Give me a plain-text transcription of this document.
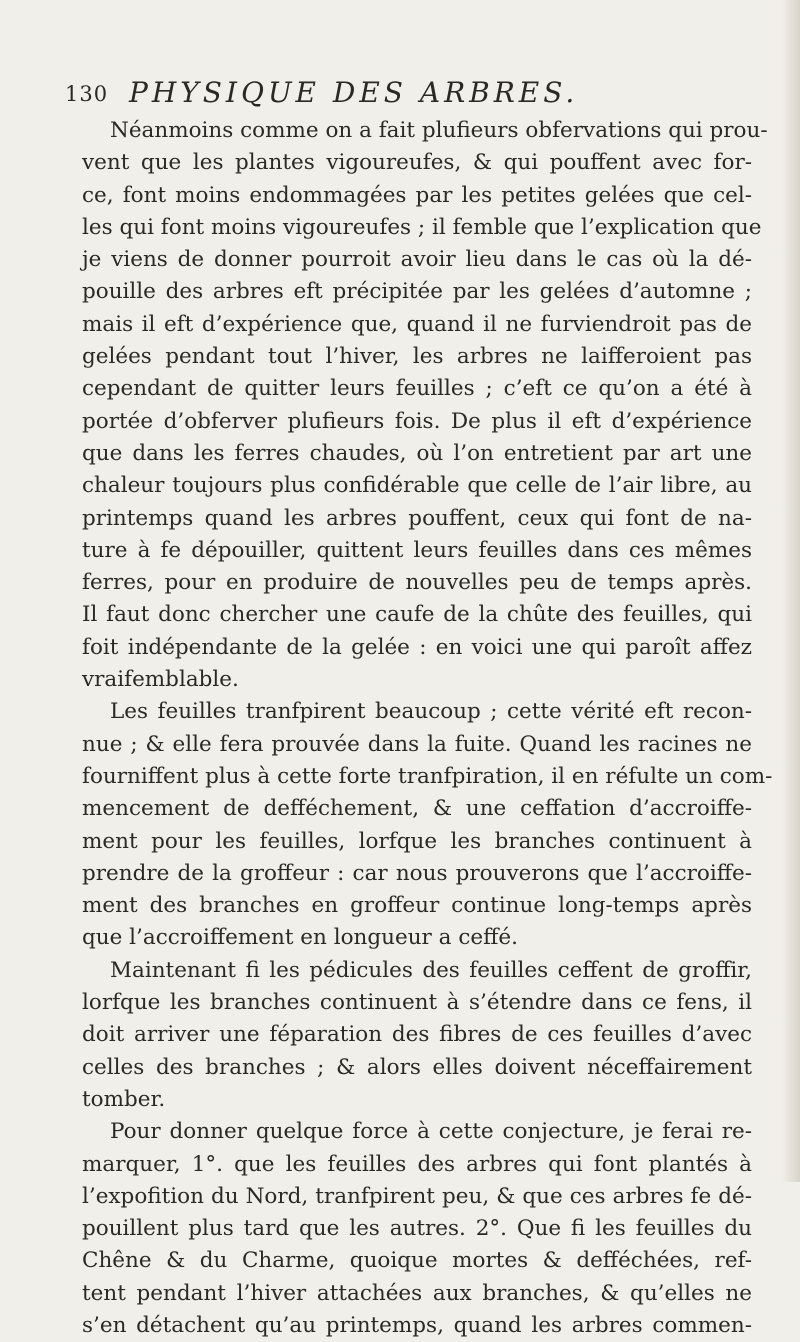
130 PHYSIQUE DES ARBRES.
Néanmoins comme on a fait plufieurs obfervations qui prou-
vent que les plantes vigoureufes, & qui pouffent avec for-
ce, font moins endommagées par les petites gelées que cel-
les qui font moins vigoureufes ; il femble que l’explication que
je viens de donner pourroit avoir lieu dans le cas où la dé-
pouille des arbres eft précipitée par les gelées d’automne ;
mais il eft d’expérience que, quand il ne furviendroit pas de
gelées pendant tout l’hiver, les arbres ne laifferoient pas
cependant de quitter leurs feuilles ; c’eft ce qu’on a été à
portée d’obferver plufieurs fois. De plus il eft d’expérience
que dans les ferres chaudes, où l’on entretient par art une
chaleur toujours plus confidérable que celle de l’air libre, au
printemps quand les arbres pouffent, ceux qui font de na-
ture à fe dépouiller, quittent leurs feuilles dans ces mêmes
ferres, pour en produire de nouvelles peu de temps après.
Il faut donc chercher une caufe de la chûte des feuilles, qui
foit indépendante de la gelée : en voici une qui paroît affez
vraifemblable.
Les feuilles tranfpirent beaucoup ; cette vérité eft recon-
nue ; & elle fera prouvée dans la fuite. Quand les racines ne
fourniffent plus à cette forte tranfpiration, il en réfulte un com-
mencement de defféchement, & une ceffation d’accroiffe-
ment pour les feuilles, lorfque les branches continuent à
prendre de la groffeur : car nous prouverons que l’accroiffe-
ment des branches en groffeur continue long-temps après
que l’accroiffement en longueur a ceffé.
Maintenant fi les pédicules des feuilles ceffent de groffir,
lorfque les branches continuent à s’étendre dans ce fens, il
doit arriver une féparation des fibres de ces feuilles d’avec
celles des branches ; & alors elles doivent néceffairement
tomber.
Pour donner quelque force à cette conjecture, je ferai re-
marquer, 1°. que les feuilles des arbres qui font plantés à
l’expofition du Nord, tranfpirent peu, & que ces arbres fe dé-
pouillent plus tard que les autres. 2°. Que fi les feuilles du
Chêne & du Charme, quoique mortes & defféchées, ref-
tent pendant l’hiver attachées aux branches, & qu’elles ne
s’en détachent qu’au printemps, quand les arbres commen-
